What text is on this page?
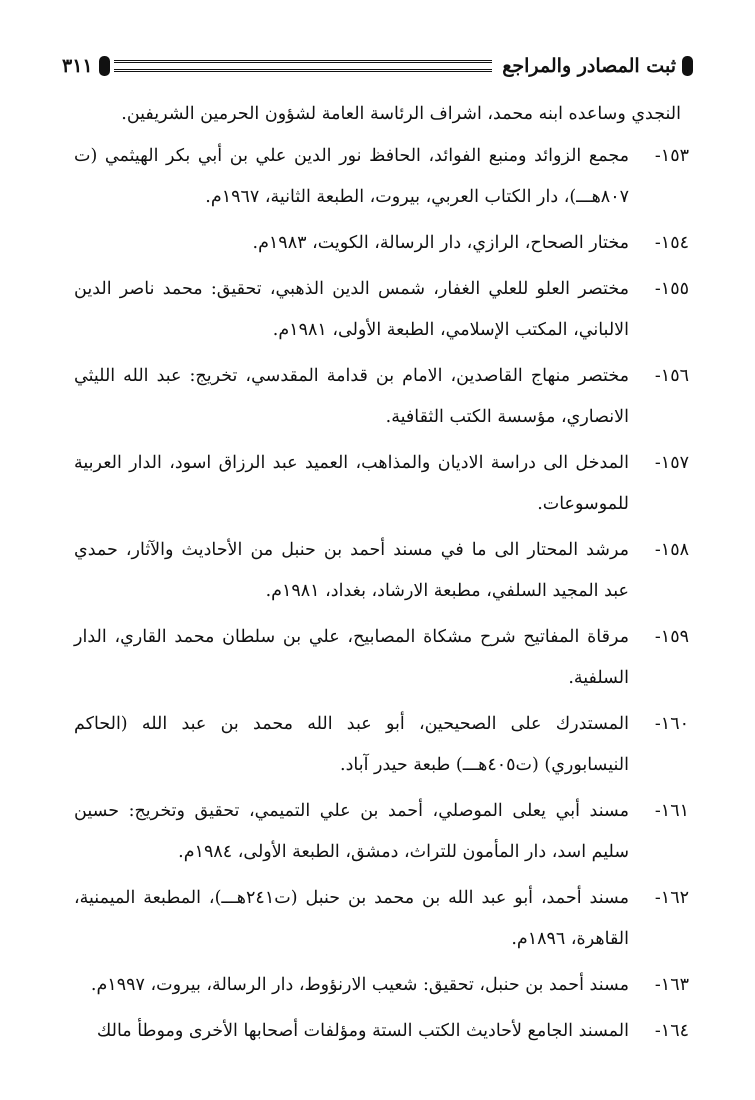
٣١١	ثبت المصادر والمراجع
النجدي وساعده ابنه محمد، اشراف الرئاسة العامة لشؤون الحرمين الشريفين.
١٥٣-
مجمع الزوائد ومنبع الفوائد، الحافظ نور الدين علي بن أبي بكر الهيثمي (ت ٨٠٧هـــ)، دار الكتاب العربي، بيروت، الطبعة الثانية، ١٩٦٧م.
١٥٤-
مختار الصحاح، الرازي، دار الرسالة، الكويت، ١٩٨٣م.
١٥٥-
مختصر العلو للعلي الغفار، شمس الدين الذهبي، تحقيق: محمد ناصر الدين الالباني، المكتب الإسلامي، الطبعة الأولى، ١٩٨١م.
١٥٦-
مختصر منهاج القاصدين، الامام بن قدامة المقدسي، تخريج: عبد الله الليثي الانصاري، مؤسسة الكتب الثقافية.
١٥٧-
المدخل الى دراسة الاديان والمذاهب، العميد عبد الرزاق اسود، الدار العربية للموسوعات.
١٥٨-
مرشد المحتار الى ما في مسند أحمد بن حنبل من الأحاديث والآثار، حمدي عبد المجيد السلفي، مطبعة الارشاد، بغداد، ١٩٨١م.
١٥٩-
مرقاة المفاتيح شرح مشكاة المصابيح، علي بن سلطان محمد القاري، الدار السلفية.
١٦٠-
المستدرك على الصحيحين، أبو عبد الله محمد بن عبد الله (الحاكم النيسابوري) (ت٤٠٥هـــ) طبعة حيدر آباد.
١٦١-
مسند أبي يعلى الموصلي، أحمد بن علي التميمي، تحقيق وتخريج: حسين سليم اسد، دار المأمون للتراث، دمشق، الطبعة الأولى، ١٩٨٤م.
١٦٢-
مسند أحمد، أبو عبد الله بن محمد بن حنبل (ت٢٤١هـــ)، المطبعة الميمنية، القاهرة، ١٨٩٦م.
١٦٣-
مسند أحمد بن حنبل، تحقيق: شعيب الارنؤوط، دار الرسالة، بيروت، ١٩٩٧م.
١٦٤-
المسند الجامع لأحاديث الكتب الستة ومؤلفات أصحابها الأخرى وموطأ مالك
